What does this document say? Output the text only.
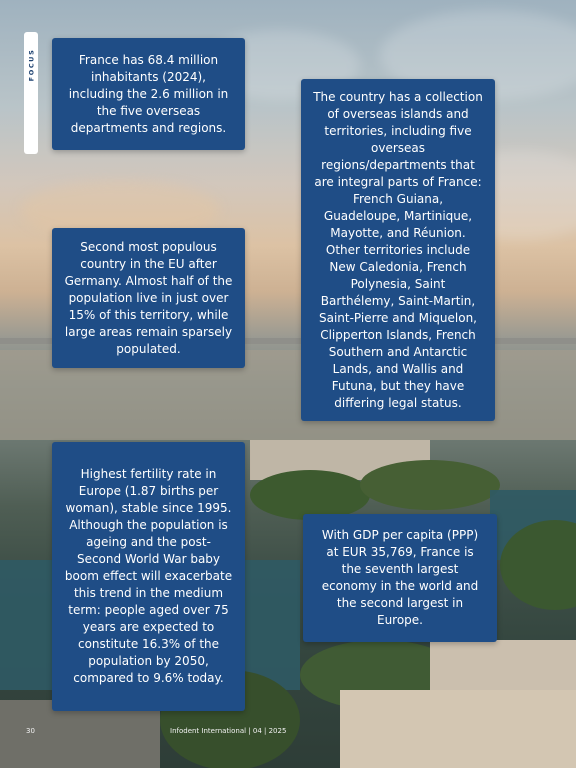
FOCUS	France has 68.4 million inhabitants (2024), including the 2.6 million in the five overseas departments and regions.
The country has a collection of overseas islands and territories, including five overseas regions/departments that are integral parts of France: French Guiana, Guadeloupe, Martinique, Mayotte, and Réunion. Other territories include New Caledonia, French Polynesia, Saint Barthélemy, Saint-Martin, Saint-Pierre and Miquelon, Clipperton Islands, French Southern and Antarctic Lands, and Wallis and Futuna, but they have differing legal status.
Second most populous country in the EU after Germany. Almost half of the population live in just over 15% of this territory, while large areas remain sparsely populated.
Highest fertility rate in Europe (1.87 births per woman), stable since 1995. Although the population is ageing and the post-Second World War baby boom effect will exacerbate this trend in the medium term: people aged over 75 years are expected to constitute 16.3% of the population by 2050, compared to 9.6% today.
With GDP per capita (PPP) at EUR 35,769, France is the seventh largest economy in the world and the second largest in Europe.
30	Infodent International | 04 | 2025
